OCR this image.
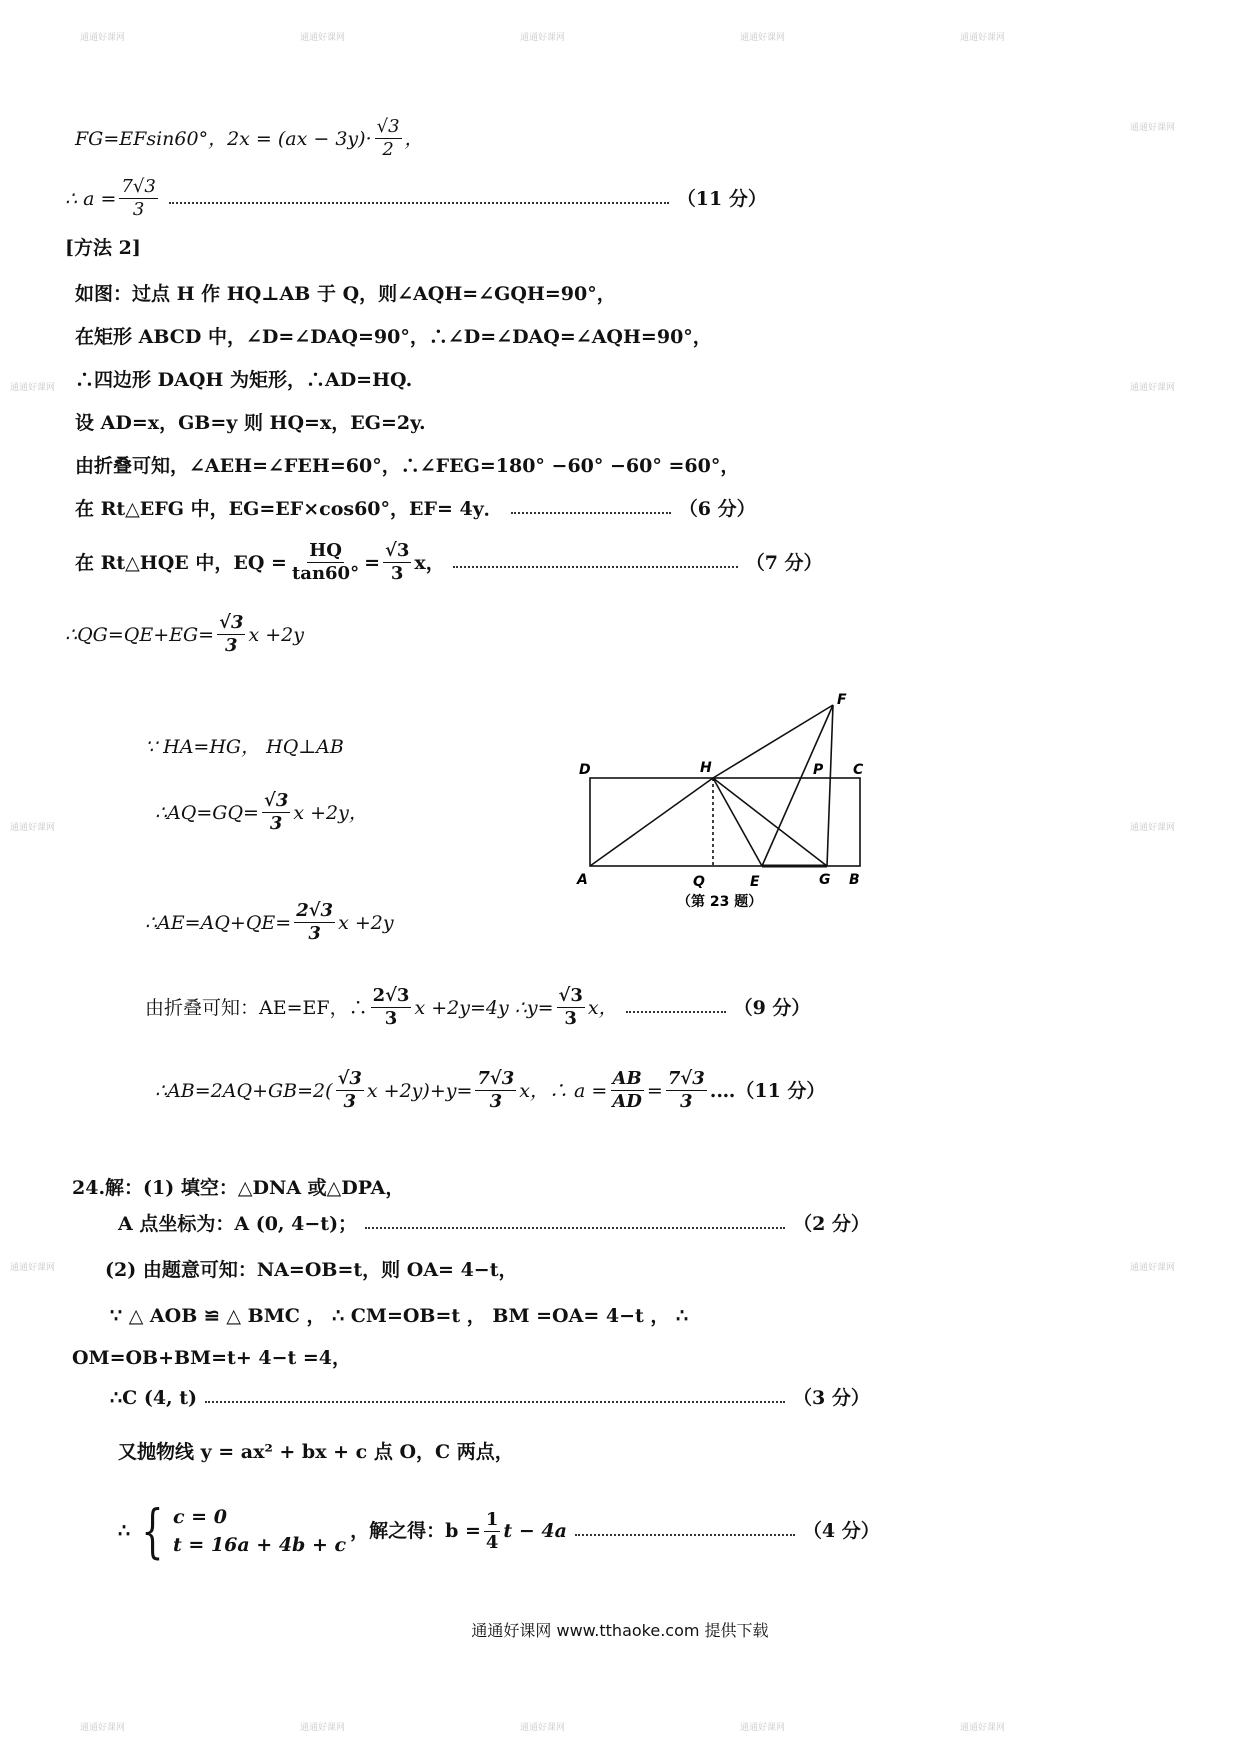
通通好课网	通通好课网	通通好课网	通通好课网	通通好课网
通通好课网
通通好课网	通通好课网
通通好课网	通通好课网
通通好课网	通通好课网
通通好课网	通通好课网	通通好课网	通通好课网	通通好课网
FG=EFsin60° ，$2x = (ax - 3y)\cdot \frac{√3}{2}$ ，
∴ $a = \frac{7√3}{3}$	（11 分）
[方法 2]
如图：过点 H 作 HQ⊥AB 于 Q，则∠AQH=∠GQH=90°，
在矩形 ABCD 中，∠D=∠DAQ=90°，∴∠D=∠DAQ=∠AQH=90°，
∴四边形 DAQH 为矩形，∴AD=HQ.
设 AD=x，GB=y 则 HQ=x，EG=2y.
由折叠可知，∠AEH=∠FEH=60°，∴∠FEG=180° −60° −60° =60°，
在 Rt△EFG 中，EG=EF×cos60°，EF= 4y．	（6 分）
在 Rt△HQE 中，EQ = $\frac{HQ}{\tan 60^\circ} = \frac{√3}{3}$ x，	（7 分）
∴QG=QE+EG= $\frac{√3}{3}$ x +2y
∵ HA=HG， HQ⊥AB
∴AQ=GQ= $\frac{√3}{3}$ x +2y，
D	H	P C
F
A	Q	E	G B
（第 23 题）
∴AE=AQ+QE= $\frac{2√3}{3}$ x +2y
由折叠可知：AE=EF，∴ $\frac{2√3}{3}$ x +2y=4y ∴y= $\frac{√3}{3}$ x，	（9 分）
∴AB=2AQ+GB=2( $\frac{√3}{3}$ $x +2y)+y= \frac{7√3}{3}$ x，∴ $a = \frac{AB}{AD} = \frac{7√3}{3}$ .…（11 分）
24.解：(1) 填空：△DNA 或△DPA，
A 点坐标为：A (0, 4−t)；	（2 分）
(2) 由题意可知：NA=OB=t，则 OA= 4−t，
∵ △ AOB ≌ △ BMC ， ∴ CM=OB=t ， BM =OA= 4−t ， ∴
OM=OB+BM=t+ 4−t =4，
∴C (4, t)	（3 分）
又抛物线 y = ax² + bx + c 点 O，C 两点，
∴ { c = 0
t = 16a + 4b + c
，解之得：$b = \frac{1}{4}$ t − 4a	（4 分）
通通好课网 www.tthaoke.com 提供下载
